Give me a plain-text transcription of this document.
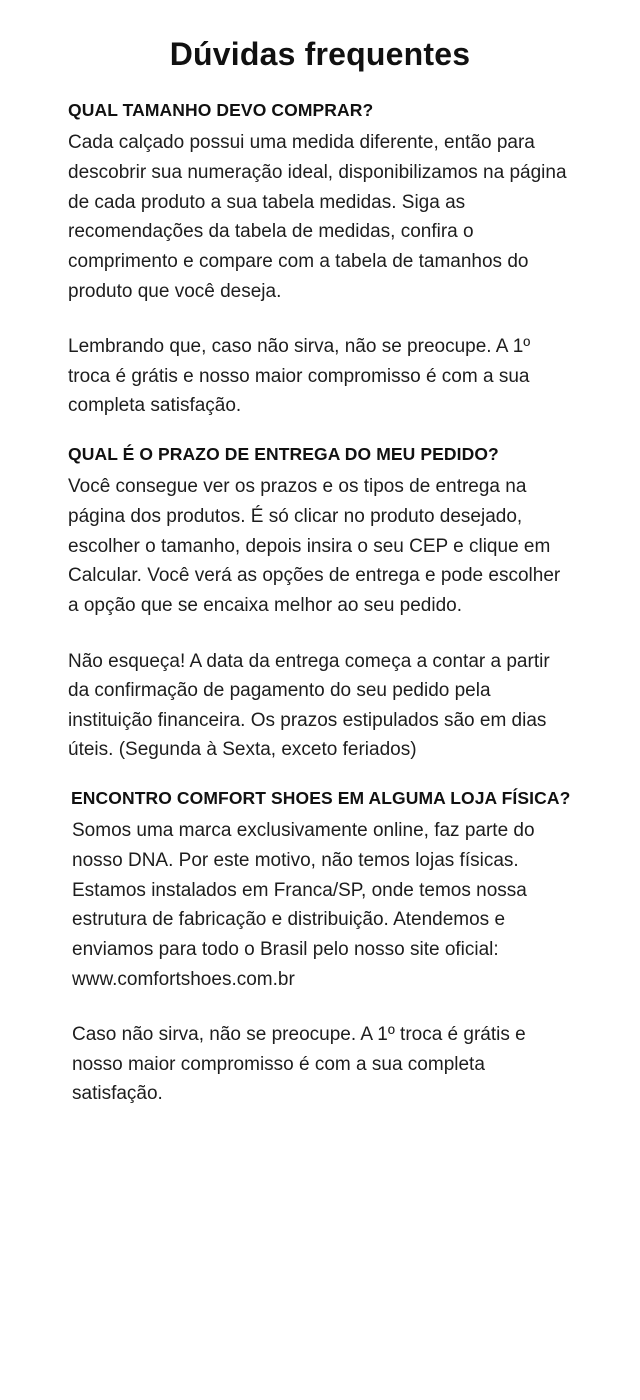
Dúvidas frequentes
QUAL TAMANHO DEVO COMPRAR?

Cada calçado possui uma medida diferente, então para descobrir sua numeração ideal, disponibilizamos na página de cada produto a sua tabela medidas. Siga as recomendações da tabela de medidas, confira o comprimento e compare com a tabela de tamanhos do produto que você deseja.

Lembrando que, caso não sirva, não se preocupe. A 1º troca é grátis e nosso maior compromisso é com a sua completa satisfação.

QUAL É O PRAZO DE ENTREGA DO MEU PEDIDO?

Você consegue ver os prazos e os tipos de entrega na página dos produtos. É só clicar no produto desejado, escolher o tamanho, depois insira o seu CEP e clique em Calcular. Você verá as opções de entrega e pode escolher a opção que se encaixa melhor ao seu pedido.

Não esqueça! A data da entrega começa a contar a partir da confirmação de pagamento do seu pedido pela instituição financeira. Os prazos estipulados são em dias úteis. (Segunda à Sexta, exceto feriados)

ENCONTRO COMFORT SHOES EM ALGUMA LOJA FÍSICA?

Somos uma marca exclusivamente online, faz parte do nosso DNA. Por este motivo, não temos lojas físicas. Estamos instalados em Franca/SP, onde temos nossa estrutura de fabricação e distribuição. Atendemos e enviamos para todo o Brasil pelo nosso site oficial: www.comfortshoes.com.br

Caso não sirva, não se preocupe. A 1º troca é grátis e nosso maior compromisso é com a sua completa satisfação.
